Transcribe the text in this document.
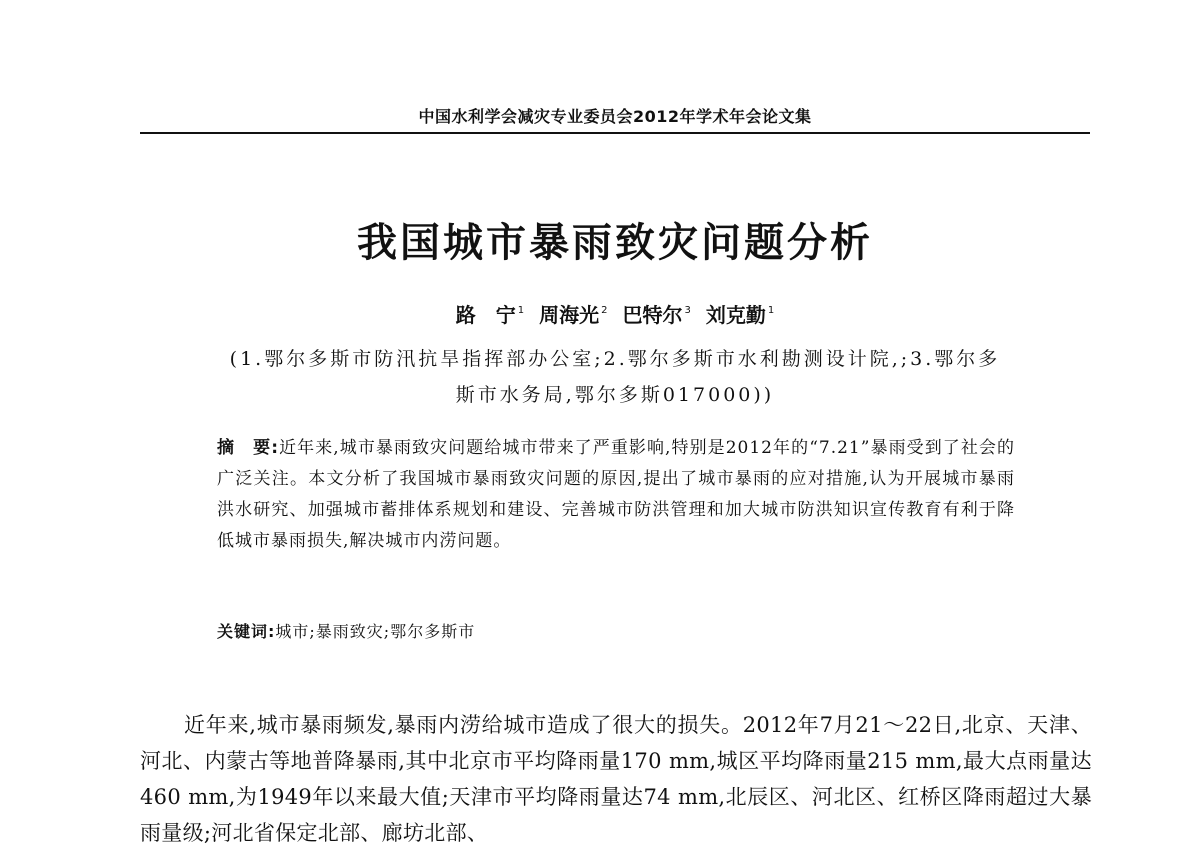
中国水利学会减灾专业委员会2012年学术年会论文集
我国城市暴雨致灾问题分析
路　宁 $^1$ 周海光 $^2$ 巴特尔 $^3$ 刘克勤 $^1$
(1.鄂尔多斯市防汛抗旱指挥部办公室;2.鄂尔多斯市水利勘测设计院,;3.鄂尔多
斯市水务局,鄂尔多斯017000))
摘　要:近年来,城市暴雨致灾问题给城市带来了严重影响,特别是2012年的“7.21”暴雨受到了社会的广泛关注。本文分析了我国城市暴雨致灾问题的原因,提出了城市暴雨的应对措施,认为开展城市暴雨洪水研究、加强城市蓄排体系规划和建设、完善城市防洪管理和加大城市防洪知识宣传教育有利于降低城市暴雨损失,解决城市内涝问题。
关键词:城市;暴雨致灾;鄂尔多斯市

近年来,城市暴雨频发,暴雨内涝给城市造成了很大的损失。2012年7月21～22日,北京、天津、河北、内蒙古等地普降暴雨,其中北京市平均降雨量170 mm,城区平均降雨量215 mm,最大点雨量达460 mm,为1949年以来最大值;天津市平均降雨量达74 mm,北辰区、河北区、红桥区降雨超过大暴雨量级;河北省保定北部、廊坊北部、
